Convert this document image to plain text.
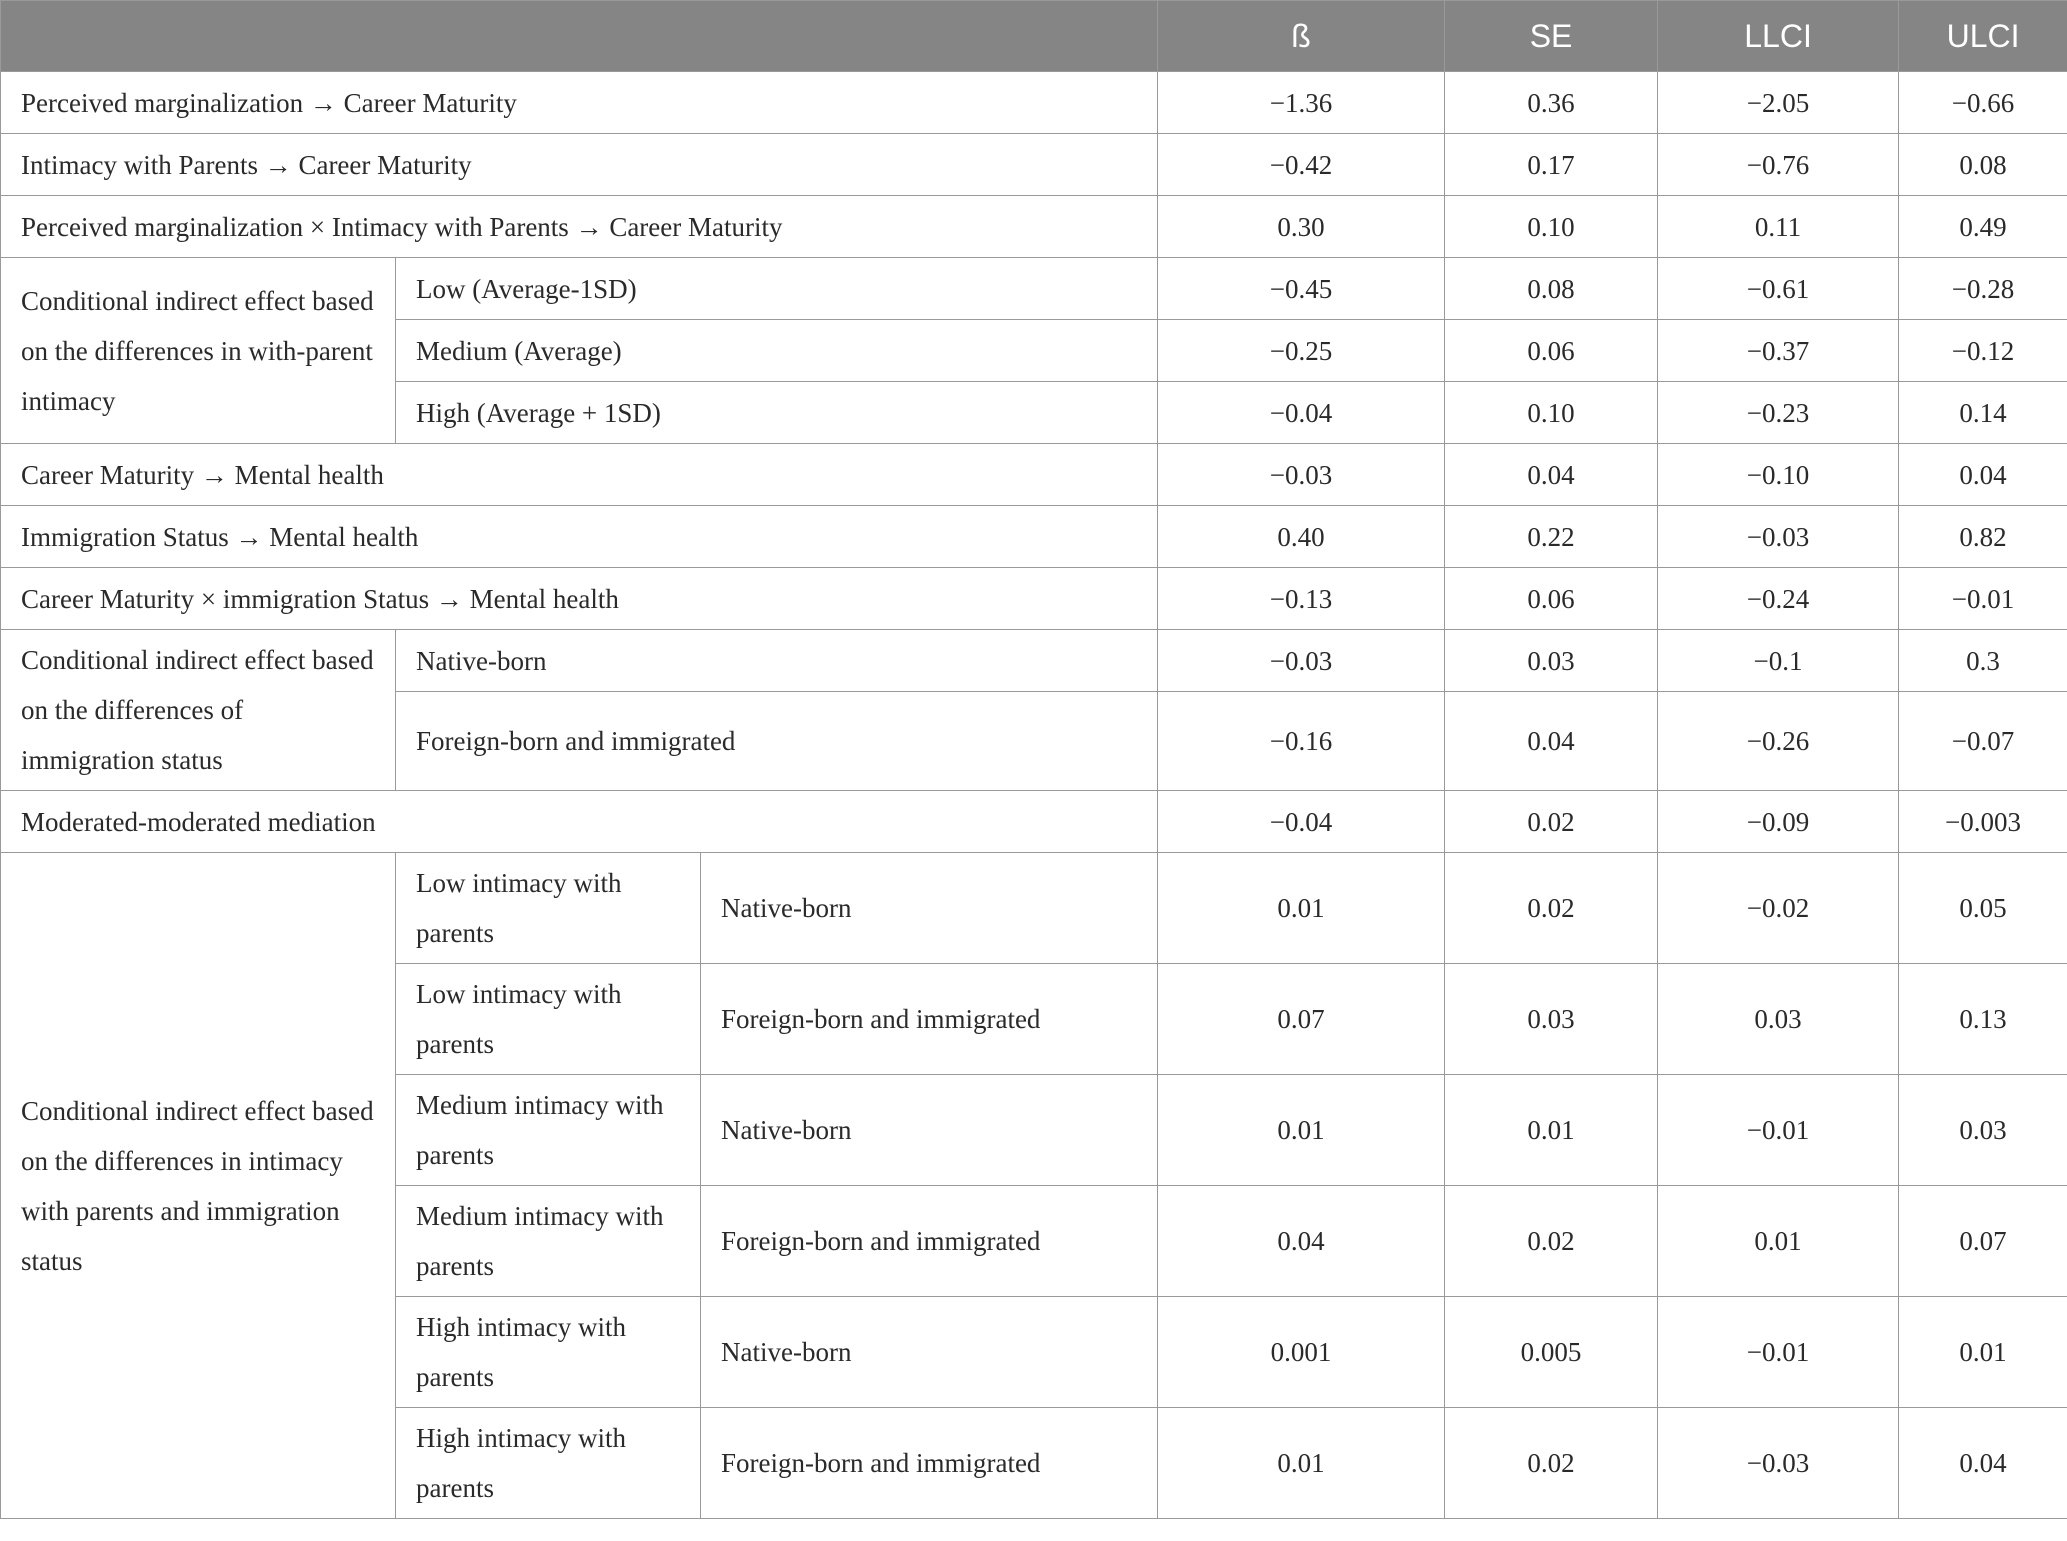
			ß	SE	LLCI	ULCI
Perceived marginalization → Career Maturity			−1.36	0.36	−2.05	−0.66
Intimacy with Parents → Career Maturity			−0.42	0.17	−0.76	0.08
Perceived marginalization × Intimacy with Parents → Career Maturity			0.30	0.10	0.11	0.49
Conditional indirect effect based on the differences in with-parent intimacy	Low (Average-1SD)		−0.45	0.08	−0.61	−0.28
	Medium (Average)		−0.25	0.06	−0.37	−0.12
	High (Average + 1SD)		−0.04	0.10	−0.23	0.14
Career Maturity → Mental health			−0.03	0.04	−0.10	0.04
Immigration Status → Mental health			0.40	0.22	−0.03	0.82
Career Maturity × immigration Status → Mental health			−0.13	0.06	−0.24	−0.01
Conditional indirect effect based on the differences of immigration status	Native-born		−0.03	0.03	−0.1	0.3
	Foreign-born and immigrated		−0.16	0.04	−0.26	−0.07
Moderated-moderated mediation			−0.04	0.02	−0.09	−0.003
Conditional indirect effect based on the differences in intimacy with parents and immigration status	Low intimacy with parents	Native-born	0.01	0.02	−0.02	0.05
	Low intimacy with parents	Foreign-born and immigrated	0.07	0.03	0.03	0.13
	Medium intimacy with parents	Native-born	0.01	0.01	−0.01	0.03
	Medium intimacy with parents	Foreign-born and immigrated	0.04	0.02	0.01	0.07
	High intimacy with parents	Native-born	0.001	0.005	−0.01	0.01
	High intimacy with parents	Foreign-born and immigrated	0.01	0.02	−0.03	0.04
